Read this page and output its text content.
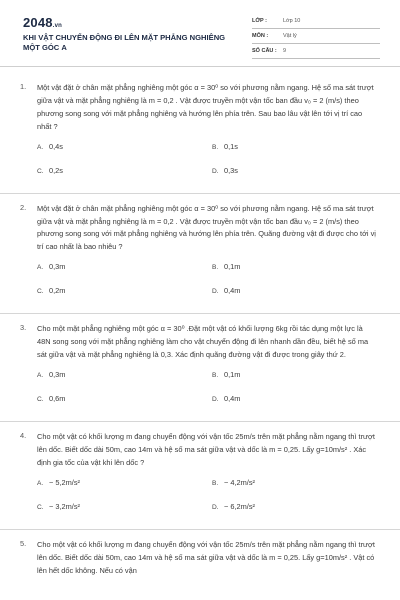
2048.vn
KHI VẬT CHUYỂN ĐỘNG ĐI LÊN MẶT PHẲNG NGHIÊNG MỘT GÓC Α
LỚP :	Lớp 10
MÔN :	Vật lý
SỐ CÂU : 9
1. Một vật đặt ở chân mặt phẳng nghiêng một góc α = 30⁰ so với phương nằm ngang. Hệ số ma sát trượt giữa vật và mặt phẳng nghiêng là m = 0,2 . Vật được truyền một vận tốc ban đầu v₀ = 2 (m/s) theo phương song song với mặt phẳng nghiêng và hướng lên phía trên. Sau bao lâu vật lên tới vị trí cao nhất ?
A. 0,4s	B. 0,1s
C. 0,2s	D. 0,3s
2. Một vật đặt ở chân mặt phẳng nghiêng một góc α = 30⁰ so với phương nằm ngang. Hệ số ma sát trượt giữa vật và mặt phẳng nghiêng là m = 0,2 . Vật được truyền một vận tốc ban đầu v₀ = 2 (m/s) theo phương song song với mặt phẳng nghiêng và hướng lên phía trên. Quãng đường vật đi được cho tới vị trí cao nhất là bao nhiêu ?
A. 0,3m	B. 0,1m
C. 0,2m	D. 0,4m
3. Cho một mặt phẳng nghiêng một góc α = 30⁰ .Đặt một vật có khối lượng 6kg rồi tác dụng một lực là 48N song song với mặt phẳng nghiêng làm cho vật chuyển động đi lên nhanh dần đều, biết hệ số ma sát giữa vật và mặt phẳng nghiêng là 0,3. Xác định quãng đường vật đi được trong giây thứ 2.
A. 0,3m	B. 0,1m
C. 0,6m	D. 0,4m
4. Cho một vật có khối lượng m đang chuyển động với vận tốc 25m/s trên mặt phẳng nằm ngang thì trượt lên dốc. Biết dốc dài 50m, cao 14m và hệ số ma sát giữa vật và dốc là m = 0,25. Lấy g=10m/s² . Xác định gia tốc của vật khi lên dốc ?
A. − 5,2m/s²	B. − 4,2m/s²
C. − 3,2m/s²	D. − 6,2m/s²
5. Cho một vật có khối lượng m đang chuyển động với vận tốc 25m/s trên mặt phẳng nằm ngang thì trượt lên dốc. Biết dốc dài 50m, cao 14m và hệ số ma sát giữa vật và dốc là m = 0,25. Lấy g=10m/s² . Vật có lên hết dốc không. Nếu có vận
